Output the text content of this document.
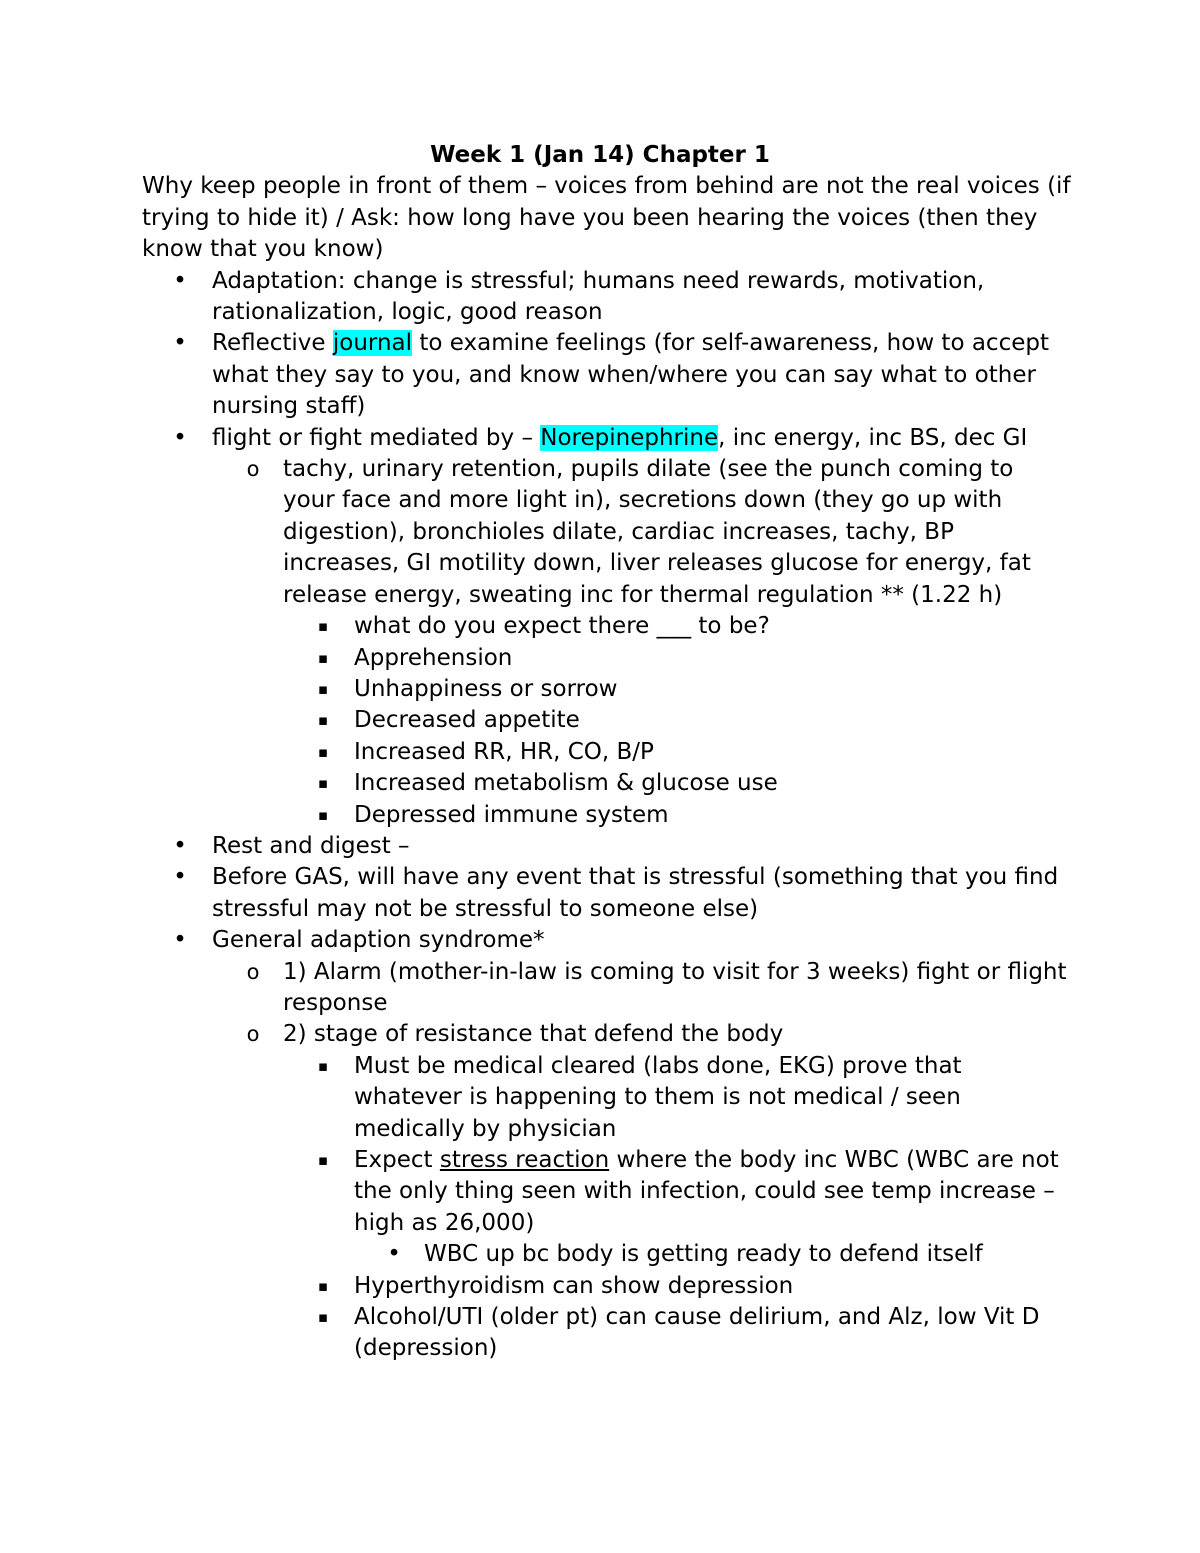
Week 1 (Jan 14) Chapter 1

Why keep people in front of them – voices from behind are not the real voices (if trying to hide it) / Ask: how long have you been hearing the voices (then they know that you know)

• Adaptation: change is stressful; humans need rewards, motivation, rationalization, logic, good reason
• Reflective journal to examine feelings (for self-awareness, how to accept what they say to you, and know when/where you can say what to other nursing staff)
• flight or fight mediated by – Norepinephrine, inc energy, inc BS, dec GI
o tachy, urinary retention, pupils dilate (see the punch coming to your face and more light in), secretions down (they go up with digestion), bronchioles dilate, cardiac increases, tachy, BP increases, GI motility down, liver releases glucose for energy, fat release energy, sweating inc for thermal regulation ** (1.22 h)
▪ what do you expect there ___ to be?
▪ Apprehension
▪ Unhappiness or sorrow
▪ Decreased appetite
▪ Increased RR, HR, CO, B/P
▪ Increased metabolism & glucose use
▪ Depressed immune system
• Rest and digest –
• Before GAS, will have any event that is stressful (something that you find stressful may not be stressful to someone else)
• General adaption syndrome*
o 1) Alarm (mother-in-law is coming to visit for 3 weeks) fight or flight response
o 2) stage of resistance that defend the body
▪ Must be medical cleared (labs done, EKG) prove that whatever is happening to them is not medical / seen medically by physician
▪ Expect stress reaction where the body inc WBC (WBC are not the only thing seen with infection, could see temp increase – high as 26,000)
• WBC up bc body is getting ready to defend itself
▪ Hyperthyroidism can show depression
▪ Alcohol/UTI (older pt) can cause delirium, and Alz, low Vit D (depression)
